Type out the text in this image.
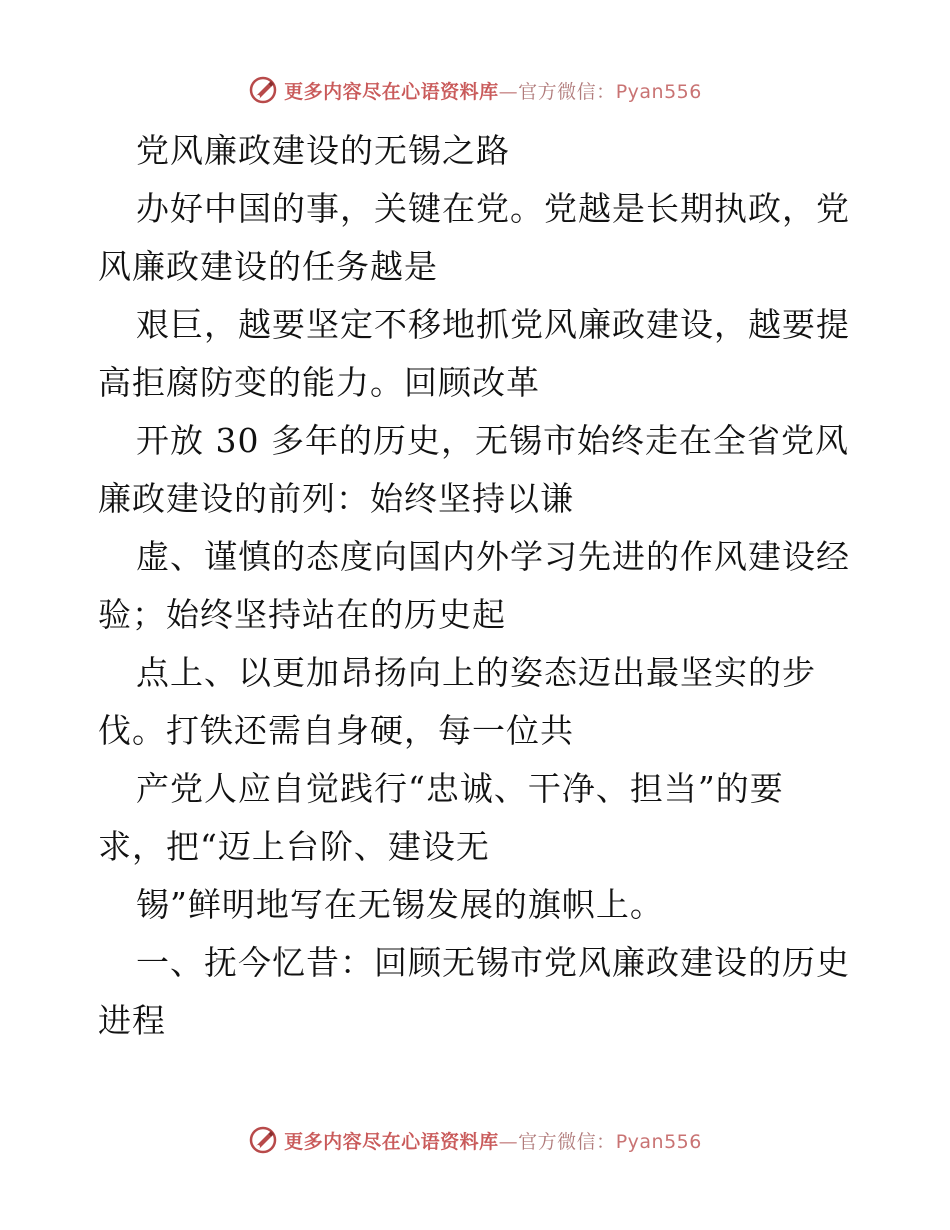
更多内容尽在心语资料库—官方微信：Pyan556
党风廉政建设的无锡之路
办好中国的事，关键在党。党越是长期执政，党
风廉政建设的任务越是
艰巨，越要坚定不移地抓党风廉政建设，越要提
高拒腐防变的能力。回顾改革
开放 30 多年的历史，无锡市始终走在全省党风
廉政建设的前列：始终坚持以谦
虚、谨慎的态度向国内外学习先进的作风建设经
验；始终坚持站在的历史起
点上、以更加昂扬向上的姿态迈出最坚实的步
伐。打铁还需自身硬，每一位共
产党人应自觉践行“忠诚、干净、担当”的要
求，把“迈上台阶、建设无
锡”鲜明地写在无锡发展的旗帜上。
一、抚今忆昔：回顾无锡市党风廉政建设的历史
进程
更多内容尽在心语资料库—官方微信：Pyan556
